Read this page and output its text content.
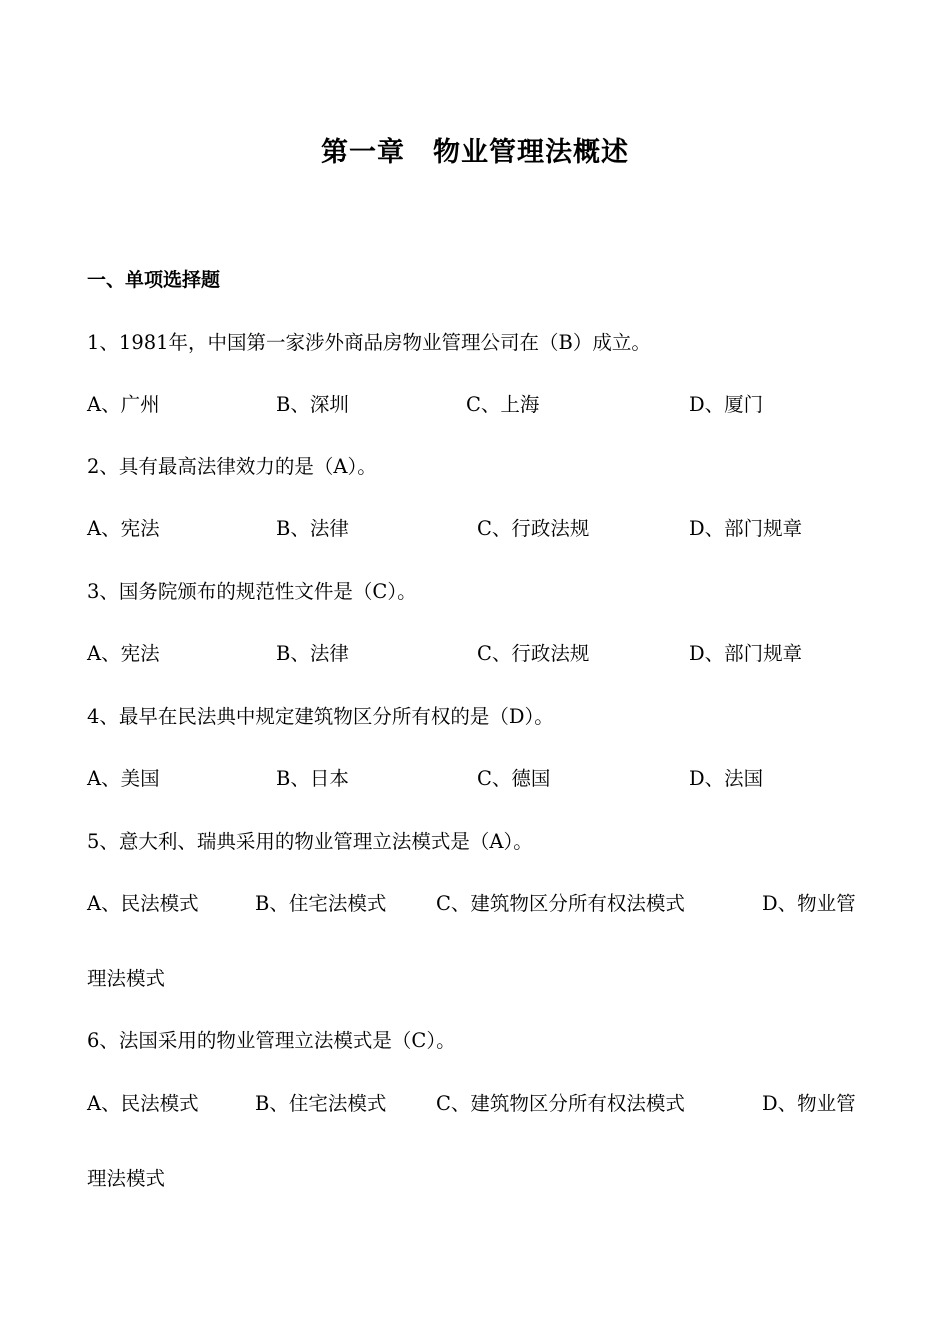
第一章　物业管理法概述
一、单项选择题
1、1981年，中国第一家涉外商品房物业管理公司在（B）成立。
A、广州	B、深圳	C、上海	D、厦门
2、具有最高法律效力的是（A）。
A、宪法	B、法律	C、行政法规	D、部门规章
3、国务院颁布的规范性文件是（C）。
A、宪法	B、法律	C、行政法规	D、部门规章
4、最早在民法典中规定建筑物区分所有权的是（D）。
A、美国	B、日本	C、德国	D、法国
5、意大利、瑞典采用的物业管理立法模式是（A）。
A、民法模式	B、住宅法模式	C、建筑物区分所有权法模式	D、物业管
理法模式
6、法国采用的物业管理立法模式是（C）。
A、民法模式	B、住宅法模式	C、建筑物区分所有权法模式	D、物业管
理法模式
